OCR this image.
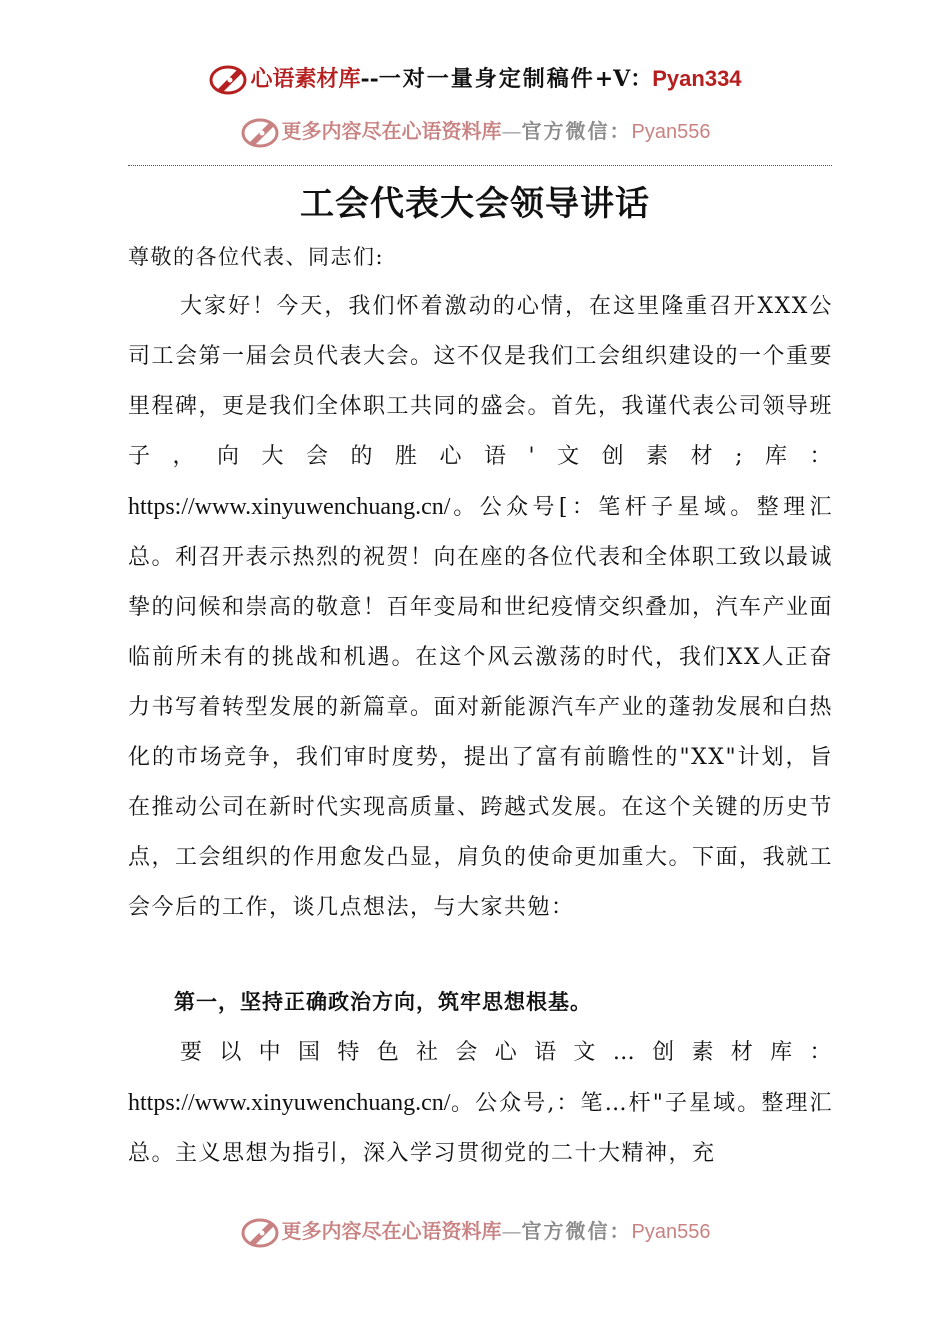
心语素材库--一对一量身定制稿件+V：Pyan334
更多内容尽在心语资料库—官方微信：Pyan556
工会代表大会领导讲话
尊敬的各位代表、同志们:
大家好！今天，我们怀着激动的心情，在这里隆重召开XXX公司工会第一届会员代表大会。这不仅是我们工会组织建设的一个重要里程碑，更是我们全体职工共同的盛会。首先，我谨代表公司领导班子，向大会的胜心语'文创素材;库：https://www.xinyuwenchuang.cn/。公众号[：笔杆子星域。整理汇总。利召开表示热烈的祝贺！向在座的各位代表和全体职工致以最诚挚的问候和崇高的敬意！百年变局和世纪疫情交织叠加，汽车产业面临前所未有的挑战和机遇。在这个风云激荡的时代，我们XX人正奋力书写着转型发展的新篇章。面对新能源汽车产业的蓬勃发展和白热化的市场竞争，我们审时度势，提出了富有前瞻性的"XX"计划，旨在推动公司在新时代实现高质量、跨越式发展。在这个关键的历史节点，工会组织的作用愈发凸显，肩负的使命更加重大。下面，我就工会今后的工作，谈几点想法，与大家共勉：
第一，坚持正确政治方向，筑牢思想根基。
要以中国特色社会心语文…创素材库：https://www.xinyuwenchuang.cn/。公众号,：笔…杆"子星域。整理汇总。主义思想为指引，深入学习贯彻党的二十大精神，充
更多内容尽在心语资料库—官方微信：Pyan556
